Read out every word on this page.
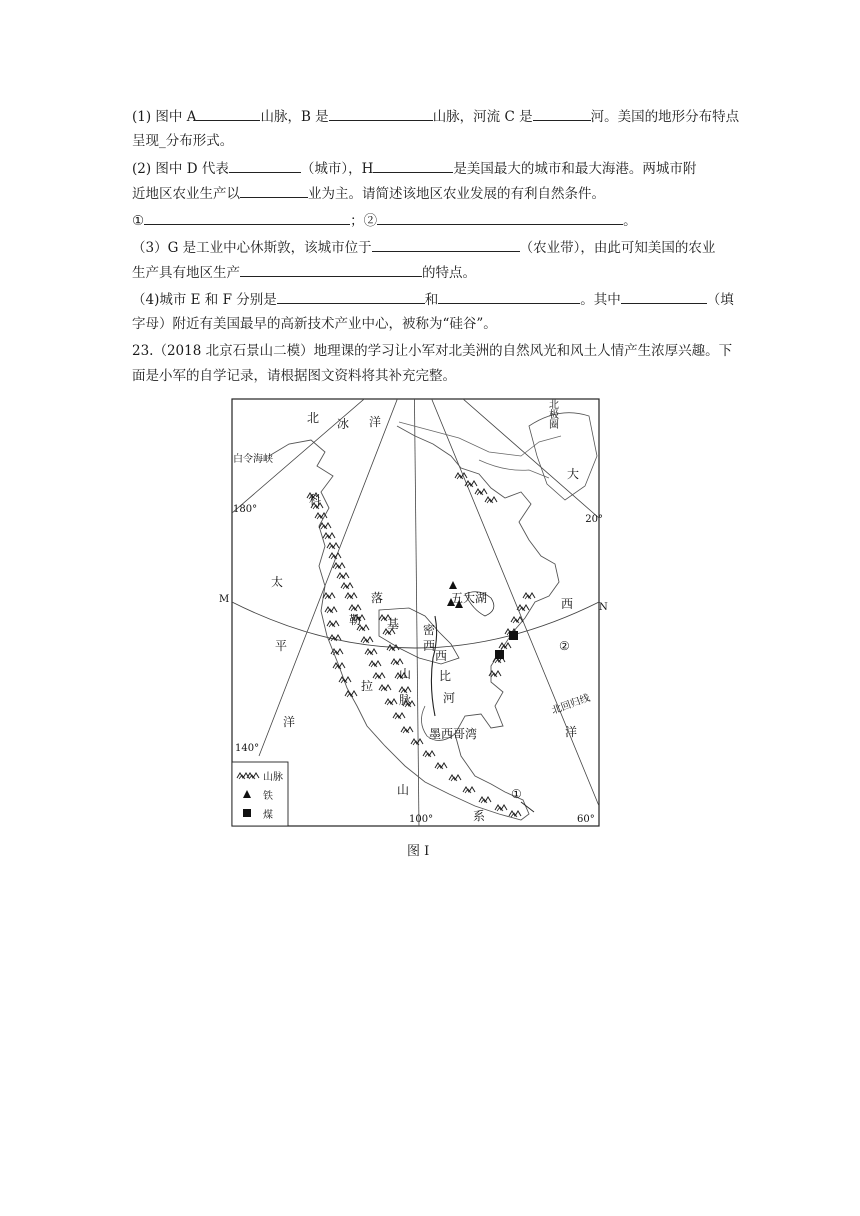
(1) 图中 A	山脉，B 是	山脉，河流 C 是	河。美国的地形分布特点
呈现_分布形式。
(2) 图中 D 代表	（城市），H	是美国最大的城市和最大海港。两城市附
近地区农业生产以	业为主。请简述该地区农业发展的有利自然条件。
①	；②	。
（3）G 是工业中心休斯敦，该城市位于	（农业带），由此可知美国的农业
生产具有地区生产	的特点。
（4)城市 E 和 F 分别是	和	。其中	（填
字母）附近有美国最早的高新技术产业中心，被称为“硅谷”。
23.（2018 北京石景山二模）地理课的学习让小军对北美洲的自然风光和风土人情产生浓厚兴趣。下
面是小军的自学记录，请根据图文资料将其补充完整。
北 冰 洋
白令海峡
180°
20°
140°
100°	60°
北
极
圈
大
西
洋
北回归线
太
平
洋
M
N
科
落
勒 基
山
拉
脉
五大湖
密
西
西
比
河
墨西哥湾
山
系
①
②
山脉
铁
煤
图 I
